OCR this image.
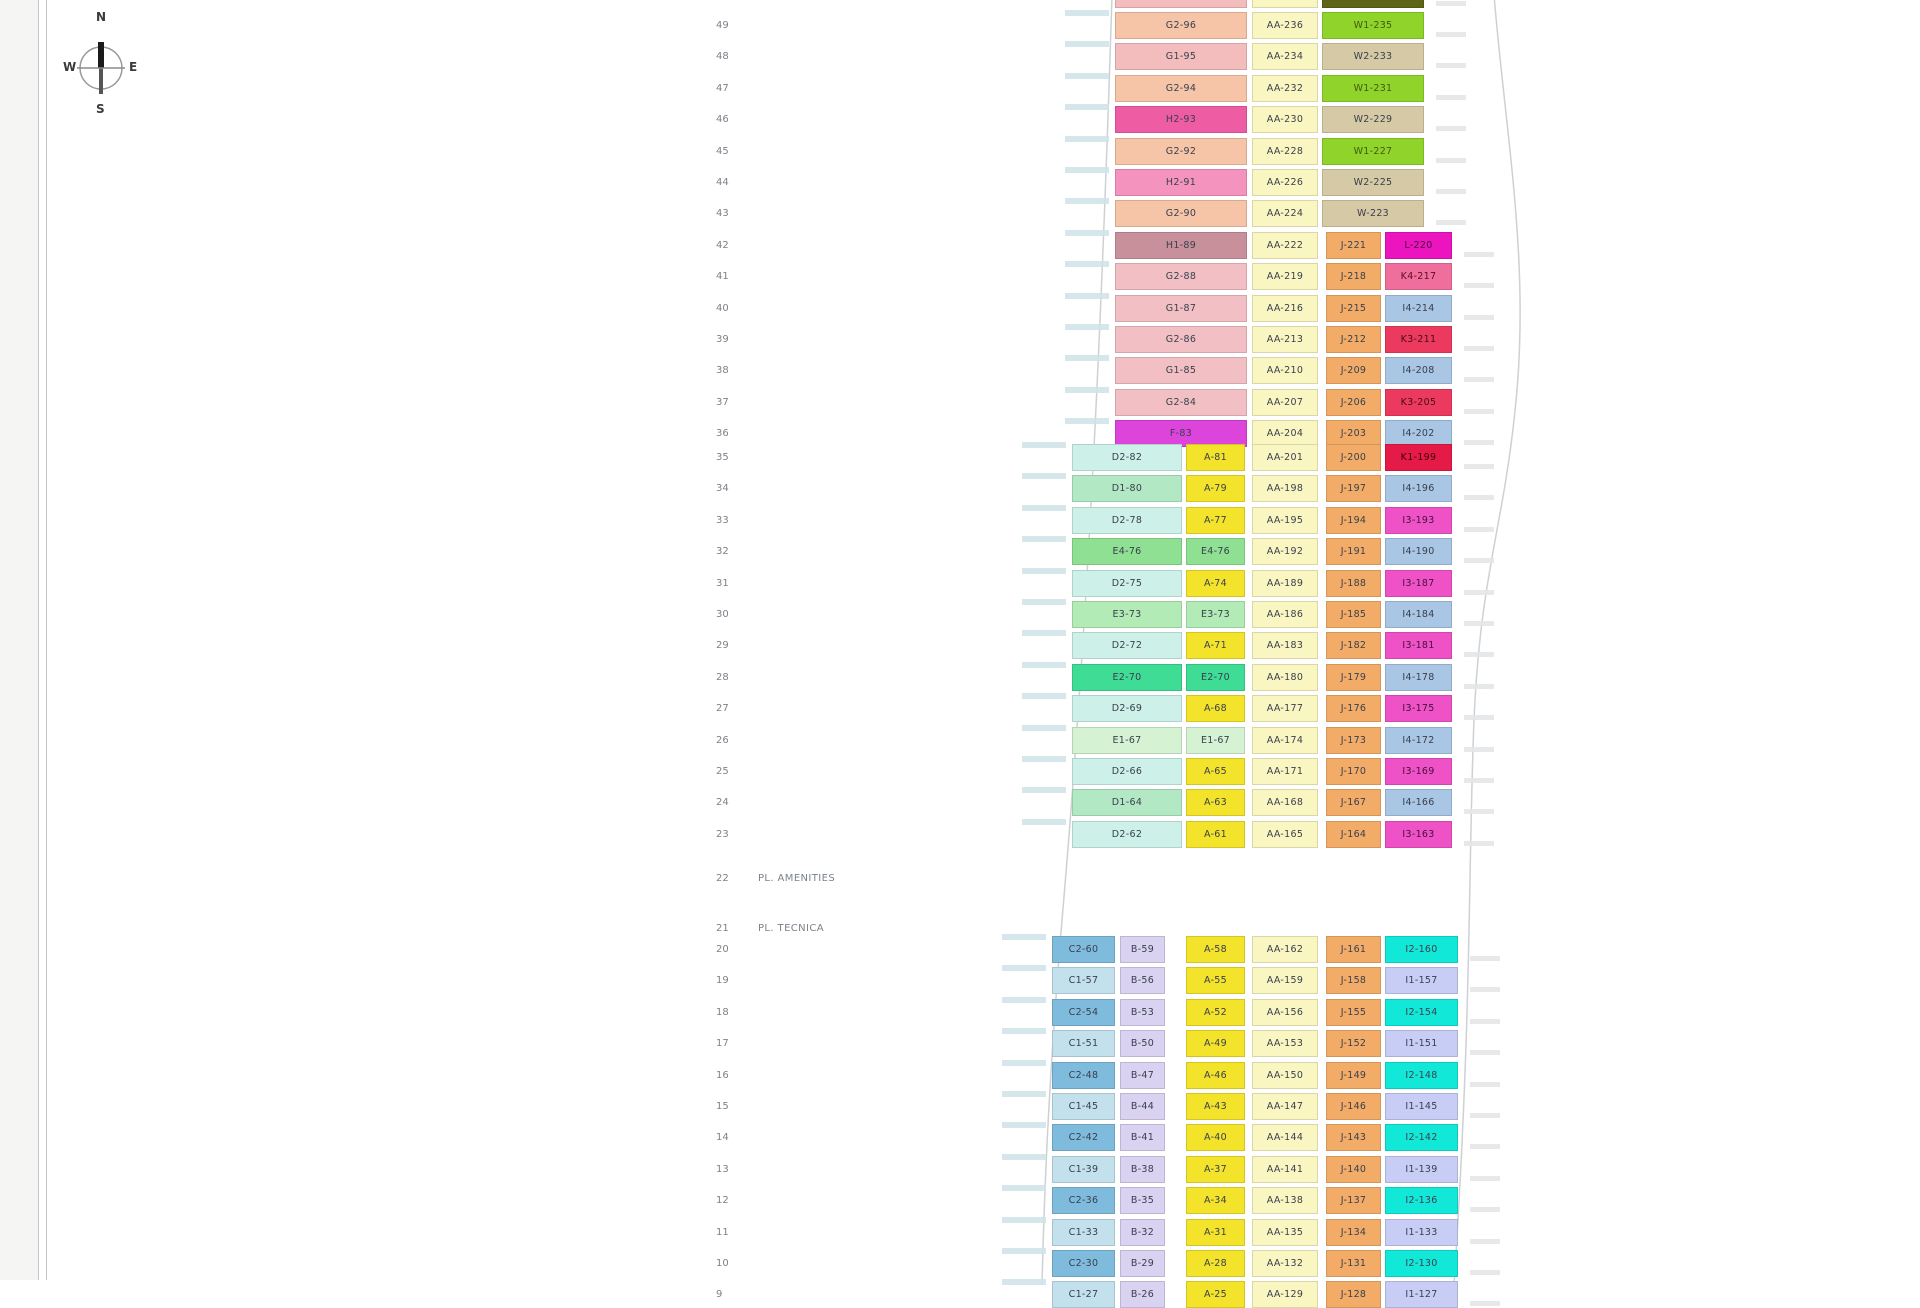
N
E
S
W
49	G2-96	AA-236	W1-235
48	G1-95	AA-234	W2-233
47	G2-94	AA-232	W1-231
46	H2-93	AA-230	W2-229
45	G2-92	AA-228	W1-227
44	H2-91	AA-226	W2-225
43	G2-90	AA-224	W-223
42	H1-89	AA-222	J-221	L-220
41	G2-88	AA-219	J-218	K4-217
40	G1-87	AA-216	J-215	I4-214
39	G2-86	AA-213	J-212	K3-211
38	G1-85	AA-210	J-209	I4-208
37	G2-84	AA-207	J-206	K3-205
36	F-83	AA-204	J-203	I4-202
35	D2-82	A-81	AA-201	J-200	K1-199
34	D1-80	A-79	AA-198	J-197	I4-196
33	D2-78	A-77	AA-195	J-194	I3-193
32	E4-76	E4-76	AA-192	J-191	I4-190
31	D2-75	A-74	AA-189	J-188	I3-187
30	E3-73	E3-73	AA-186	J-185	I4-184
29	D2-72	A-71	AA-183	J-182	I3-181
28	E2-70	E2-70	AA-180	J-179	I4-178
27	D2-69	A-68	AA-177	J-176	I3-175
26	E1-67	E1-67	AA-174	J-173	I4-172
25	D2-66	A-65	AA-171	J-170	I3-169
24	D1-64	A-63	AA-168	J-167	I4-166
23	D2-62	A-61	AA-165	J-164	I3-163
22	PL. AMENITIES
21	PL. TECNICA
20	C2-60	B-59	A-58	AA-162	J-161	I2-160
19	C1-57	B-56	A-55	AA-159	J-158	I1-157
18	C2-54	B-53	A-52	AA-156	J-155	I2-154
17	C1-51	B-50	A-49	AA-153	J-152	I1-151
16	C2-48	B-47	A-46	AA-150	J-149	I2-148
15	C1-45	B-44	A-43	AA-147	J-146	I1-145
14	C2-42	B-41	A-40	AA-144	J-143	I2-142
13	C1-39	B-38	A-37	AA-141	J-140	I1-139
12	C2-36	B-35	A-34	AA-138	J-137	I2-136
11	C1-33	B-32	A-31	AA-135	J-134	I1-133
10	C2-30	B-29	A-28	AA-132	J-131	I2-130
9	C1-27	B-26	A-25	AA-129	J-128	I1-127
